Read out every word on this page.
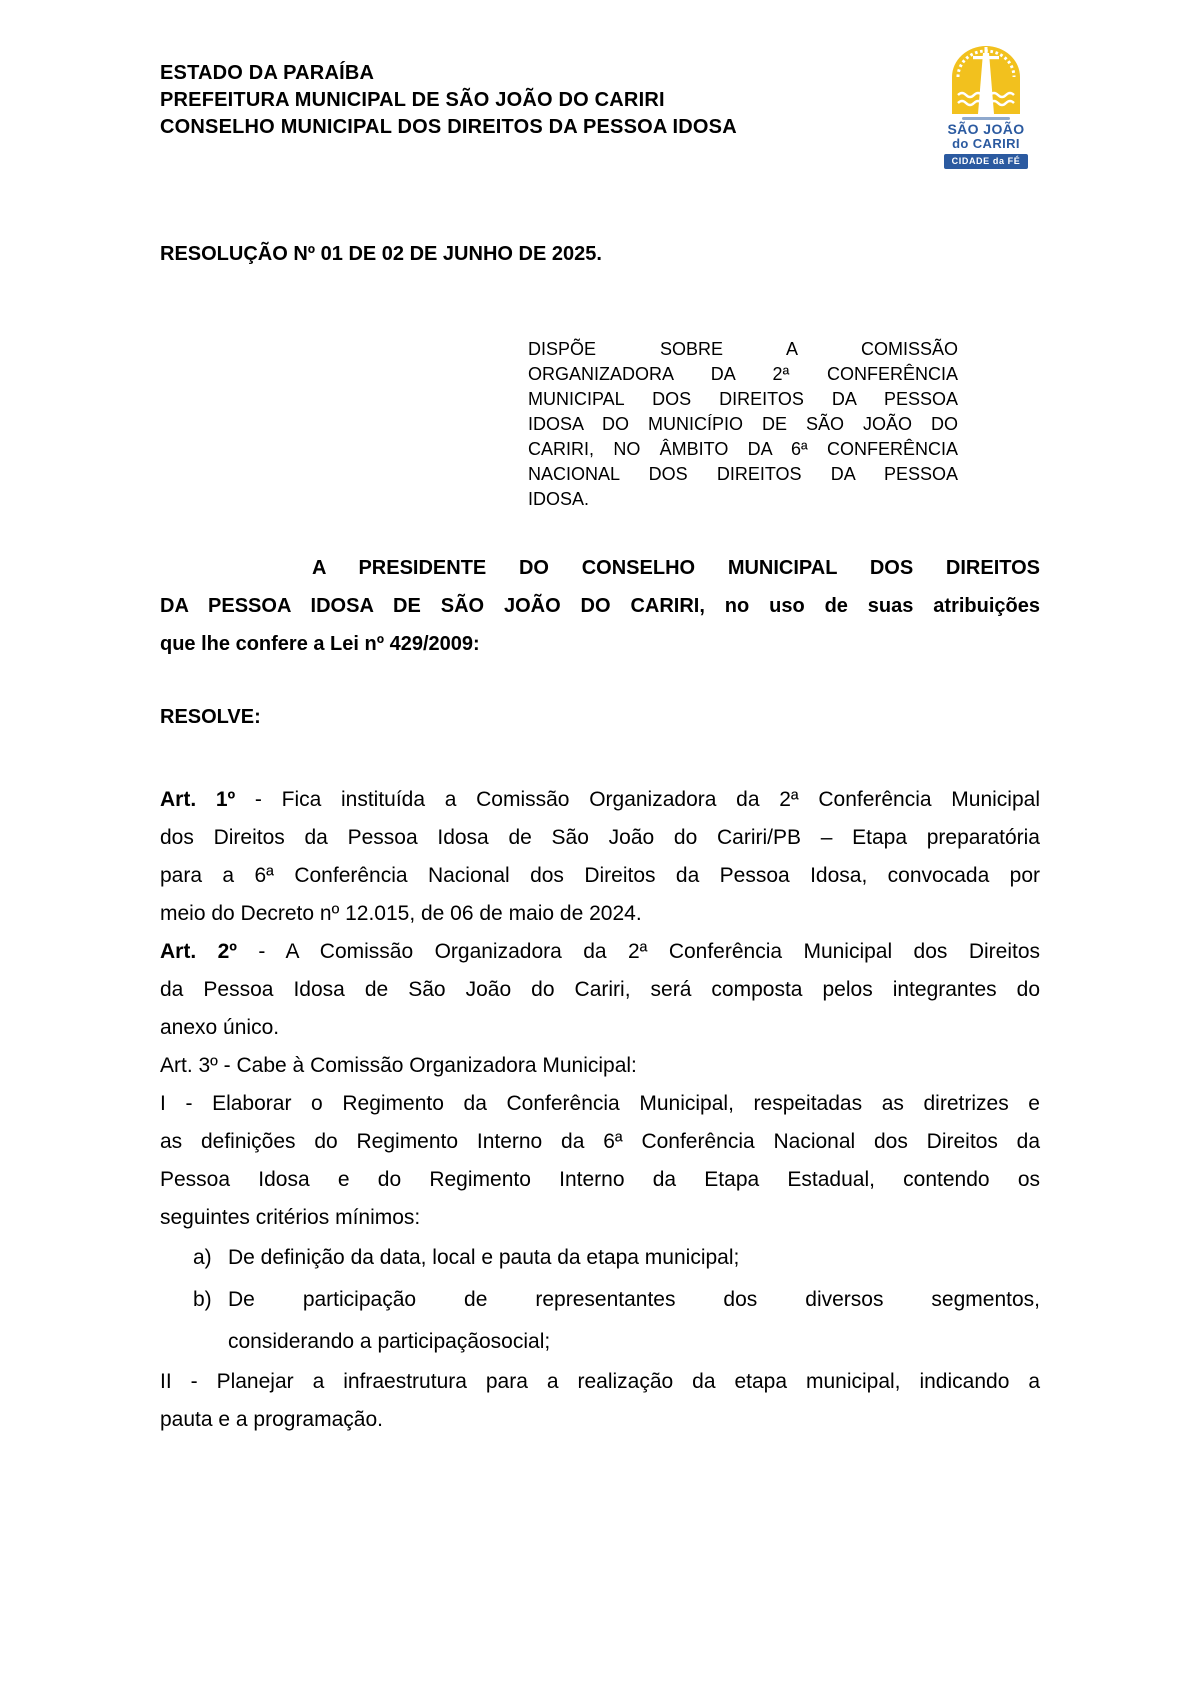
ESTADO DA PARAÍBA
PREFEITURA MUNICIPAL DE SÃO JOÃO DO CARIRI
CONSELHO MUNICIPAL DOS DIREITOS DA PESSOA IDOSA	SÃO JOÃO
do CARIRI
CIDADE da FÉ
RESOLUÇÃO Nº 01 DE 02 DE JUNHO DE 2025.
DISPÕE SOBRE A COMISSÃO
ORGANIZADORA DA 2ª CONFERÊNCIA
MUNICIPAL DOS DIREITOS DA PESSOA
IDOSA DO MUNICÍPIO DE SÃO JOÃO DO
CARIRI, NO ÂMBITO DA 6ª CONFERÊNCIA
NACIONAL DOS DIREITOS DA PESSOA
IDOSA.
A PRESIDENTE DO CONSELHO MUNICIPAL DOS DIREITOS
DA PESSOA IDOSA DE SÃO JOÃO DO CARIRI, no uso de suas atribuições
que lhe confere a Lei nº 429/2009:
RESOLVE:
Art. 1º - Fica instituída a Comissão Organizadora da 2ª Conferência Municipal
dos Direitos da Pessoa Idosa de São João do Cariri/PB – Etapa preparatória
para a 6ª Conferência Nacional dos Direitos da Pessoa Idosa, convocada por
meio do Decreto nº 12.015, de 06 de maio de 2024.
Art. 2º - A Comissão Organizadora da 2ª Conferência Municipal dos Direitos
da Pessoa Idosa de São João do Cariri, será composta pelos integrantes do
anexo único.
Art. 3º - Cabe à Comissão Organizadora Municipal:
I - Elaborar o Regimento da Conferência Municipal, respeitadas as diretrizes e
as definições do Regimento Interno da 6ª Conferência Nacional dos Direitos da
Pessoa Idosa e do Regimento Interno da Etapa Estadual, contendo os
seguintes critérios mínimos:
a) De definição da data, local e pauta da etapa municipal;
b) De participação de representantes dos diversos segmentos,
considerando a participaçãosocial;
II - Planejar a infraestrutura para a realização da etapa municipal, indicando a
pauta e a programação.
